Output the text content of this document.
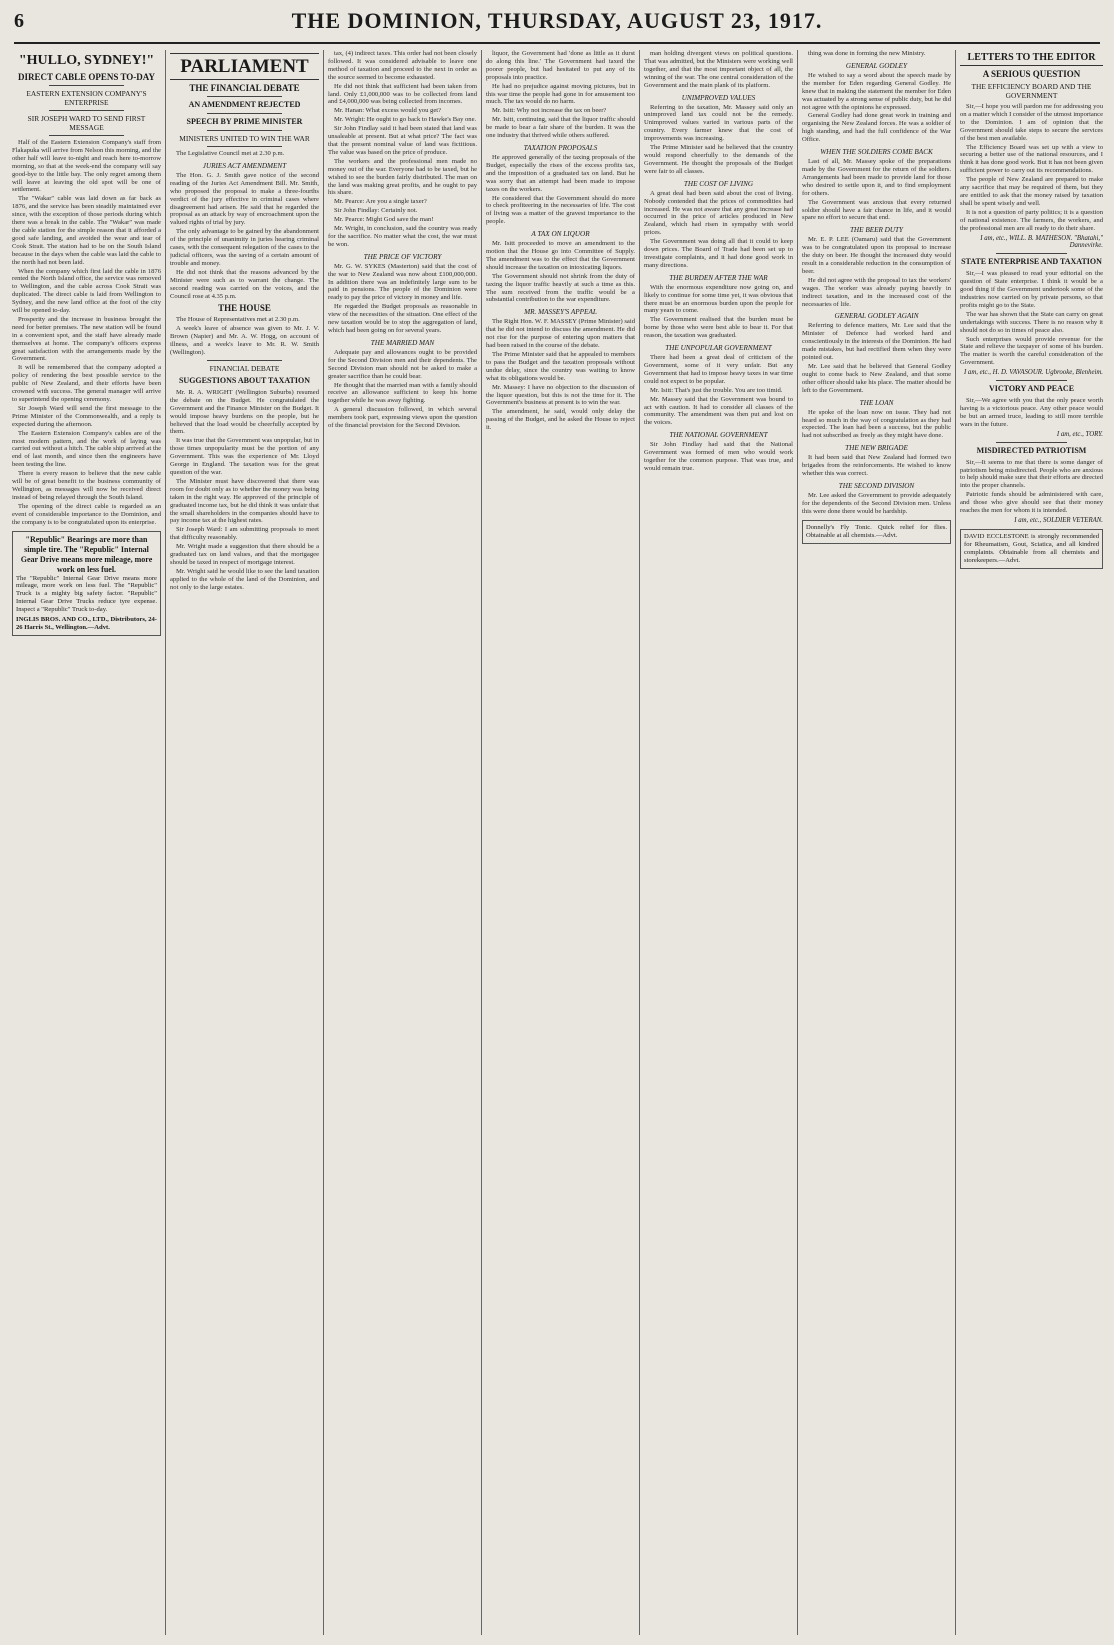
6	THE DOMINION, THURSDAY, AUGUST 23, 1917.
"HULLO, SYDNEY!"
DIRECT CABLE OPENS TO-DAY
EASTERN EXTENSION COMPANY'S ENTERPRISE
SIR JOSEPH WARD TO SEND FIRST MESSAGE

Half of the Eastern Extension Company's staff from Flakapuka will arrive from Nelson this morning, and the other half will leave to-night and reach here to-morrow morning, so that at the week-end the company will say good-bye to the little bay. The only regret among them will leave at leaving the old spot will be one of settlement.

The "Wakar" cable was laid down as far back as 1876, and the service has been steadily maintained ever since, with the exception of those periods during which there was a break in the cable. The "Wakar" was made the cable station for the simple reason that it afforded a good safe landing, and avoided the wear and tear of Cook Strait. The station had to be on the South Island because in the days when the cable was laid the cable to the north had not been laid.

When the company which first laid the cable in 1876 rented the North Island office, the service was removed to Wellington, and the cable across Cook Strait was duplicated. The direct cable is laid from Wellington to Sydney, and the new land office at the foot of the city will be opened to-day.

Prosperity and the increase in business brought the need for better premises. The new station will be found in a convenient spot, and the staff have already made themselves at home. The company's officers express great satisfaction with the arrangements made by the Government.

It will be remembered that the company adopted a policy of rendering the best possible service to the public of New Zealand, and their efforts have been crowned with success. The general manager will arrive to superintend the opening ceremony.

Sir Joseph Ward will send the first message to the Prime Minister of the Commonwealth, and a reply is expected during the afternoon.

The Eastern Extension Company's cables are of the most modern pattern, and the work of laying was carried out without a hitch. The cable ship arrived at the end of last month, and since then the engineers have been testing the line.

There is every reason to believe that the new cable will be of great benefit to the business community of Wellington, as messages will now be received direct instead of being relayed through the South Island.

The opening of the direct cable is regarded as an event of considerable importance to the Dominion, and the company is to be congratulated upon its enterprise.

"Republic" Bearings are more than simple tire. The "Republic" Internal Gear Drive means more mileage, more work on less fuel.
The "Republic" Internal Gear Drive means more mileage, more work on less fuel. The "Republic" Truck is a mighty big safety factor. "Republic" Internal Gear Drive Trucks reduce tyre expense. Inspect a "Republic" Truck to-day.
INGLIS BROS. AND CO., LTD., Distributors, 24-26 Harris St., Wellington.—Advt.
PARLIAMENT
THE FINANCIAL DEBATE
AN AMENDMENT REJECTED
SPEECH BY PRIME MINISTER
MINISTERS UNITED TO WIN THE WAR

The Legislative Council met at 2.30 p.m.

JURIES ACT AMENDMENT

The Hon. G. J. Smith gave notice of the second reading of the Juries Act Amendment Bill. Mr. Smith, who proposed the proposal to make a three-fourths verdict of the jury effective in criminal cases where disagreement had arisen. He said that he regarded the proposal as an attack by way of encroachment upon the valued rights of trial by jury.

The only advantage to be gained by the abandonment of the principle of unanimity in juries hearing criminal cases, with the consequent relegation of the cases to the judicial officers, was the saving of a certain amount of trouble and money.

He did not think that the reasons advanced by the Minister were such as to warrant the change. The second reading was carried on the voices, and the Council rose at 4.35 p.m.

THE HOUSE

The House of Representatives met at 2.30 p.m.

A week's leave of absence was given to Mr. J. V. Brown (Napier) and Mr. A. W. Hogg, on account of illness, and a week's leave to Mr. R. W. Smith (Wellington).

FINANCIAL DEBATE
SUGGESTIONS ABOUT TAXATION

Mr. R. A. WRIGHT (Wellington Suburbs) resumed the debate on the Budget. He congratulated the Government and the Finance Minister on the Budget. It would impose heavy burdens on the people, but he believed that the load would be cheerfully accepted by them.

It was true that the Government was unpopular, but in those times unpopularity must be the portion of any Government. This was the experience of Mr. Lloyd George in England. The taxation was for the great question of the war.

The Minister must have discovered that there was room for doubt only as to whether the money was being taken in the right way. He approved of the principle of graduated income tax, but he did think it was unfair that the small shareholders in the companies should have to pay income tax at the highest rates.

Sir Joseph Ward: I am submitting proposals to meet that difficulty reasonably.

Mr. Wright made a suggestion that there should be a graduated tax on land values, and that the mortgagee should be taxed in respect of mortgage interest.

Mr. Wright said he would like to see the land taxation applied to the whole of the land of the Dominion, and not only to the large estates.

tax, (4) indirect taxes. This order had not been closely followed. It was considered advisable to leave one method of taxation and proceed to the next in order as the source seemed to become exhausted.

He did not think that sufficient had been taken from land. Only £1,000,000 was to be collected from land and £4,000,000 was being collected from incomes.

Mr. Hanan: What excess would you get?

Mr. Wright: He ought to go back to Hawke's Bay one.

Sir John Findlay said it had been stated that land was unsaleable at present. But at what price? The fact was that the present nominal value of land was fictitious. The value was based on the price of produce.

The workers and the professional men made no money out of the war. Everyone had to be taxed, but he wished to see the burden fairly distributed. The man on the land was making great profits, and he ought to pay his share.

Mr. Pearce: Are you a single taxer?

Sir John Findlay: Certainly not.

Mr. Pearce: Might God save the man!

Mr. Wright, in conclusion, said the country was ready for the sacrifice. No matter what the cost, the war must be won.

THE PRICE OF VICTORY

Mr. G. W. SYKES (Masterton) said that the cost of the war to New Zealand was now about £100,000,000. In addition there was an indefinitely large sum to be paid in pensions. The people of the Dominion were ready to pay the price of victory in money and life.

He regarded the Budget proposals as reasonable in view of the necessities of the situation. One effect of the new taxation would be to stop the aggregation of land, which had been going on for several years.

THE MARRIED MAN

Adequate pay and allowances ought to be provided for the Second Division men and their dependents. The Second Division man should not be asked to make a greater sacrifice than he could bear.

He thought that the married man with a family should receive an allowance sufficient to keep his home together while he was away fighting.

A general discussion followed, in which several members took part, expressing views upon the question of the financial provision for the Second Division.

liquor, the Government had 'done as little as it durst do along this line.' The Government had taxed the poorer people, but had hesitated to put any of its proposals into practice.

He had no prejudice against moving pictures, but in this war time the people had gone in for amusement too much. The tax would do no harm.

Mr. Isitt: Why not increase the tax on beer?

Mr. Isitt, continuing, said that the liquor traffic should be made to bear a fair share of the burden. It was the one industry that thrived while others suffered.

TAXATION PROPOSALS

He approved generally of the taxing proposals of the Budget, especially the rises of the excess profits tax, and the imposition of a graduated tax on land. But he was sorry that an attempt had been made to impose taxes on the workers.

He considered that the Government should do more to check profiteering in the necessaries of life. The cost of living was a matter of the gravest importance to the people.

A TAX ON LIQUOR

Mr. Isitt proceeded to move an amendment to the motion that the House go into Committee of Supply. The amendment was to the effect that the Government should increase the taxation on intoxicating liquors.

The Government should not shrink from the duty of taxing the liquor traffic heavily at such a time as this. The sum received from the traffic would be a substantial contribution to the war expenditure.

MR. MASSEY'S APPEAL

The Right Hon. W. F. MASSEY (Prime Minister) said that he did not intend to discuss the amendment. He did not rise for the purpose of entering upon matters that had been raised in the course of the debate.

The Prime Minister said that he appealed to members to pass the Budget and the taxation proposals without undue delay, since the country was waiting to know what its obligations would be.

Mr. Massey: I have no objection to the discussion of the liquor question, but this is not the time for it. The Government's business at present is to win the war.

The amendment, he said, would only delay the passing of the Budget, and he asked the House to reject it.

man holding divergent views on political questions. That was admitted, but the Ministers were working well together, and that the most important object of all, the winning of the war. The one central consideration of the Government and the main plank of its platform.

UNIMPROVED VALUES

Referring to the taxation, Mr. Massey said only an unimproved land tax could not be the remedy. Unimproved values varied in various parts of the country. Every farmer knew that the cost of improvements was increasing.

The Prime Minister said he believed that the country would respond cheerfully to the demands of the Government. He thought the proposals of the Budget were fair to all classes.

THE COST OF LIVING

A great deal had been said about the cost of living. Nobody contended that the prices of commodities had increased. He was not aware that any great increase had occurred in the price of articles produced in New Zealand, which had risen in sympathy with world prices.

The Government was doing all that it could to keep down prices. The Board of Trade had been set up to investigate complaints, and it had done good work in many directions.

THE BURDEN AFTER THE WAR

With the enormous expenditure now going on, and likely to continue for some time yet, it was obvious that there must be an enormous burden upon the people for many years to come.

The Government realised that the burden must be borne by those who were best able to bear it. For that reason, the taxation was graduated.

THE UNPOPULAR GOVERNMENT

There had been a great deal of criticism of the Government, some of it very unfair. But any Government that had to impose heavy taxes in war time could not expect to be popular.

Mr. Isitt: That's just the trouble. You are too timid.

Mr. Massey said that the Government was bound to act with caution. It had to consider all classes of the community. The amendment was then put and lost on the voices.

THE NATIONAL GOVERNMENT

Sir John Findlay had said that the National Government was formed of men who would work together for the common purpose. That was true, and would remain true.

thing was done in forming the new Ministry.

GENERAL GODLEY

He wished to say a word about the speech made by the member for Eden regarding General Godley. He knew that in making the statement the member for Eden was actuated by a strong sense of public duty, but he did not agree with the opinions he expressed.

General Godley had done great work in training and organising the New Zealand forces. He was a soldier of high standing, and had the full confidence of the War Office.

WHEN THE SOLDIERS COME BACK

Last of all, Mr. Massey spoke of the preparations made by the Government for the return of the soldiers. Arrangements had been made to provide land for those who desired to settle upon it, and to find employment for others.

The Government was anxious that every returned soldier should have a fair chance in life, and it would spare no effort to secure that end.

THE BEER DUTY

Mr. E. P. LEE (Oamaru) said that the Government was to be congratulated upon its proposal to increase the duty on beer. He thought the increased duty would result in a considerable reduction in the consumption of beer.

He did not agree with the proposal to tax the workers' wages. The worker was already paying heavily in indirect taxation, and in the increased cost of the necessaries of life.

GENERAL GODLEY AGAIN

Referring to defence matters, Mr. Lee said that the Minister of Defence had worked hard and conscientiously in the interests of the Dominion. He had made mistakes, but had rectified them when they were pointed out.

Mr. Lee said that he believed that General Godley ought to come back to New Zealand, and that some other officer should take his place. The matter should be left to the Government.

THE LOAN

He spoke of the loan now on issue. They had not heard so much in the way of congratulation as they had expected. The loan had been a success, but the public had not subscribed as freely as they might have done.

THE NEW BRIGADE

It had been said that New Zealand had formed two brigades from the reinforcements. He wished to know whether this was correct.

THE SECOND DIVISION

Mr. Lee asked the Government to provide adequately for the dependents of the Second Division men. Unless this were done there would be hardship.

Donnelly's Fly Tonic. Quick relief for flies. Obtainable at all chemists.—Advt.
LETTERS TO THE EDITOR
A SERIOUS QUESTION
THE EFFICIENCY BOARD AND THE GOVERNMENT

Sir,—I hope you will pardon me for addressing you on a matter which I consider of the utmost importance to the Dominion. I am of opinion that the Government should take steps to secure the services of the best men available.

The Efficiency Board was set up with a view to securing a better use of the national resources, and I think it has done good work. But it has not been given sufficient power to carry out its recommendations.

The people of New Zealand are prepared to make any sacrifice that may be required of them, but they are entitled to ask that the money raised by taxation shall be spent wisely and well.

It is not a question of party politics; it is a question of national existence. The farmers, the workers, and the professional men are all ready to do their share.

I am, etc., WILL. B. MATHESON. "Bhatahi," Dannevirke.
STATE ENTERPRISE AND TAXATION

Sir,—I was pleased to read your editorial on the question of State enterprise. I think it would be a good thing if the Government undertook some of the industries now carried on by private persons, so that profits might go to the State.

The war has shown that the State can carry on great undertakings with success. There is no reason why it should not do so in times of peace also.

Such enterprises would provide revenue for the State and relieve the taxpayer of some of his burden. The matter is worth the careful consideration of the Government.

I am, etc., H. D. VAVASOUR. Ugbrooke, Blenheim.
VICTORY AND PEACE

Sir,—We agree with you that the only peace worth having is a victorious peace. Any other peace would be but an armed truce, leading to still more terrible wars in the future.

I am, etc., TORY.
MISDIRECTED PATRIOTISM

Sir,—It seems to me that there is some danger of patriotism being misdirected. People who are anxious to help should make sure that their efforts are directed into the proper channels.

Patriotic funds should be administered with care, and those who give should see that their money reaches the men for whom it is intended.

I am, etc., SOLDIER VETERAN.
DAVID ECCLESTONE is strongly recommended for Rheumatism, Gout, Sciatica, and all kindred complaints. Obtainable from all chemists and storekeepers.—Advt.
